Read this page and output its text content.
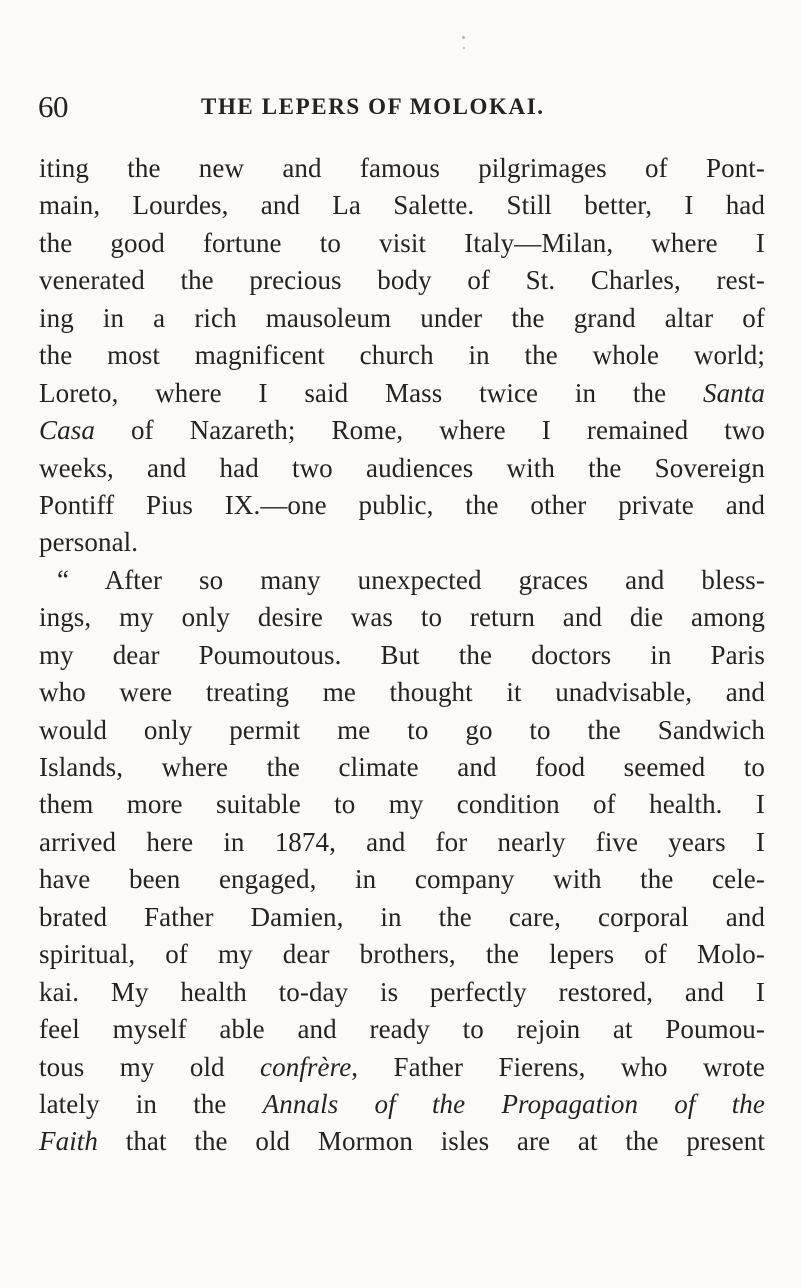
60	THE LEPERS OF MOLOKAI.
iting the new and famous pilgrimages of Pont-
main, Lourdes, and La Salette. Still better, I had
the good fortune to visit Italy—Milan, where I
venerated the precious body of St. Charles, rest-
ing in a rich mausoleum under the grand altar of
the most magnificent church in the whole world;
Loreto, where I said Mass twice in the Santa
Casa of Nazareth; Rome, where I remained two
weeks, and had two audiences with the Sovereign
Pontiff Pius IX.—one public, the other private and
personal.
“ After so many unexpected graces and bless-
ings, my only desire was to return and die among
my dear Poumoutous. But the doctors in Paris
who were treating me thought it unadvisable, and
would only permit me to go to the Sandwich
Islands, where the climate and food seemed to
them more suitable to my condition of health. I
arrived here in 1874, and for nearly five years I
have been engaged, in company with the cele-
brated Father Damien, in the care, corporal and
spiritual, of my dear brothers, the lepers of Molo-
kai. My health to-day is perfectly restored, and I
feel myself able and ready to rejoin at Poumou-
tous my old confrère, Father Fierens, who wrote
lately in the Annals of the Propagation of the
Faith that the old Mormon isles are at the present
